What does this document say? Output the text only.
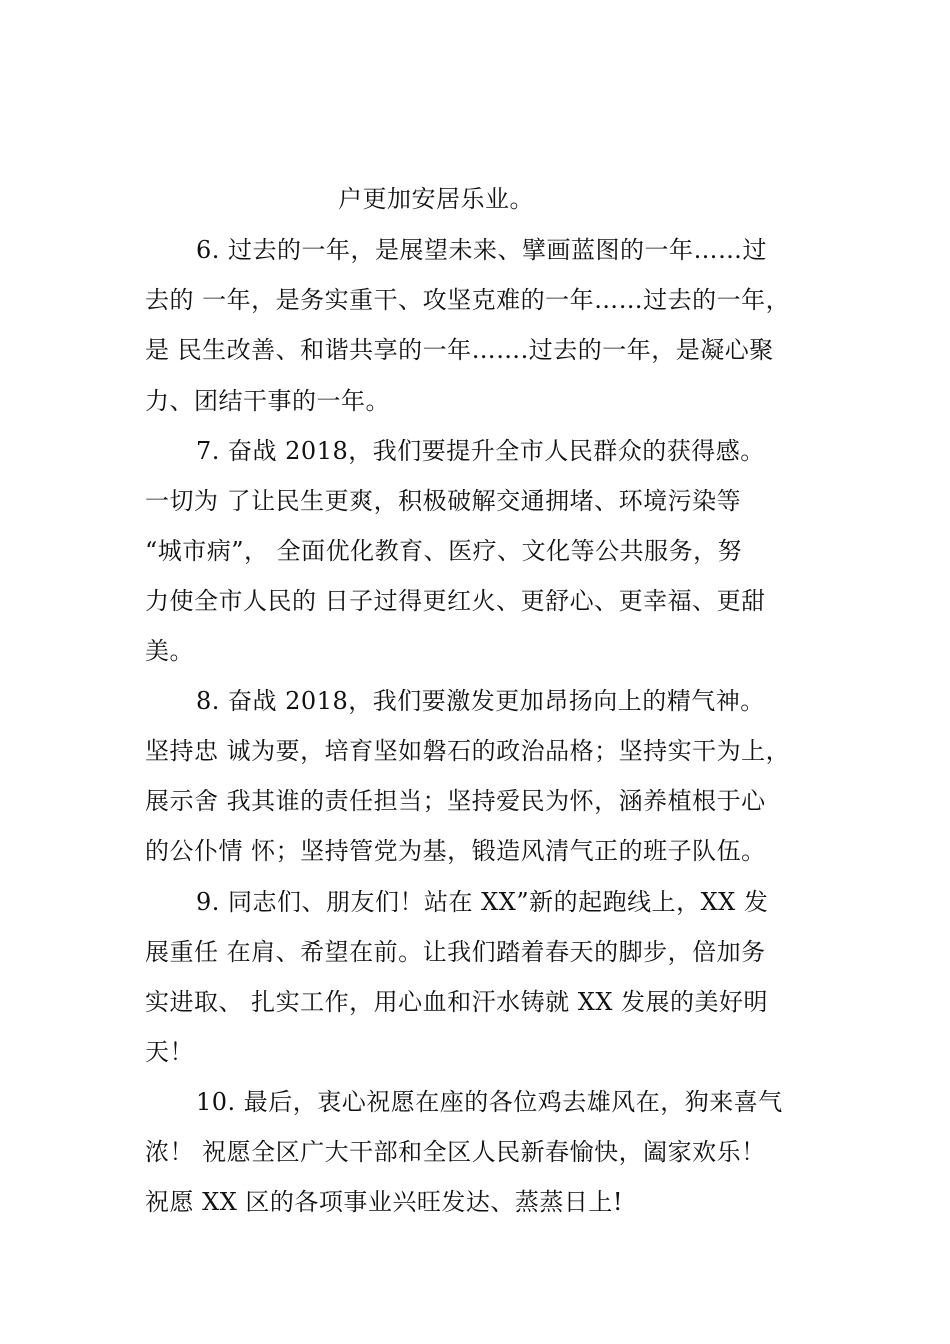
户更加安居乐业。
6. 过去的一年，是展望未来、擘画蓝图的一年……过
去的 一年，是务实重干、攻坚克难的一年……过去的一年，
是 民生改善、和谐共享的一年…….过去的一年，是凝心聚
力、团结干事的一年。
7. 奋战 2018，我们要提升全市人民群众的获得感。
一切为 了让民生更爽，积极破解交通拥堵、环境污染等
“城市病”， 全面优化教育、医疗、文化等公共服务，努
力使全市人民的 日子过得更红火、更舒心、更幸福、更甜
美。
8. 奋战 2018，我们要激发更加昂扬向上的精气神。
坚持忠 诚为要，培育坚如磐石的政治品格；坚持实干为上，
展示舍 我其谁的责任担当；坚持爱民为怀，涵养植根于心
的公仆情 怀；坚持管党为基，锻造风清气正的班子队伍。
9. 同志们、朋友们！站在 XX”新的起跑线上，XX 发
展重任 在肩、希望在前。让我们踏着春天的脚步，倍加务
实进取、 扎实工作，用心血和汗水铸就 XX 发展的美好明
天！
10. 最后，衷心祝愿在座的各位鸡去雄风在，狗来喜气
浓！ 祝愿全区广大干部和全区人民新春愉快，阖家欢乐！
祝愿 XX 区的各项事业兴旺发达、蒸蒸日上!
